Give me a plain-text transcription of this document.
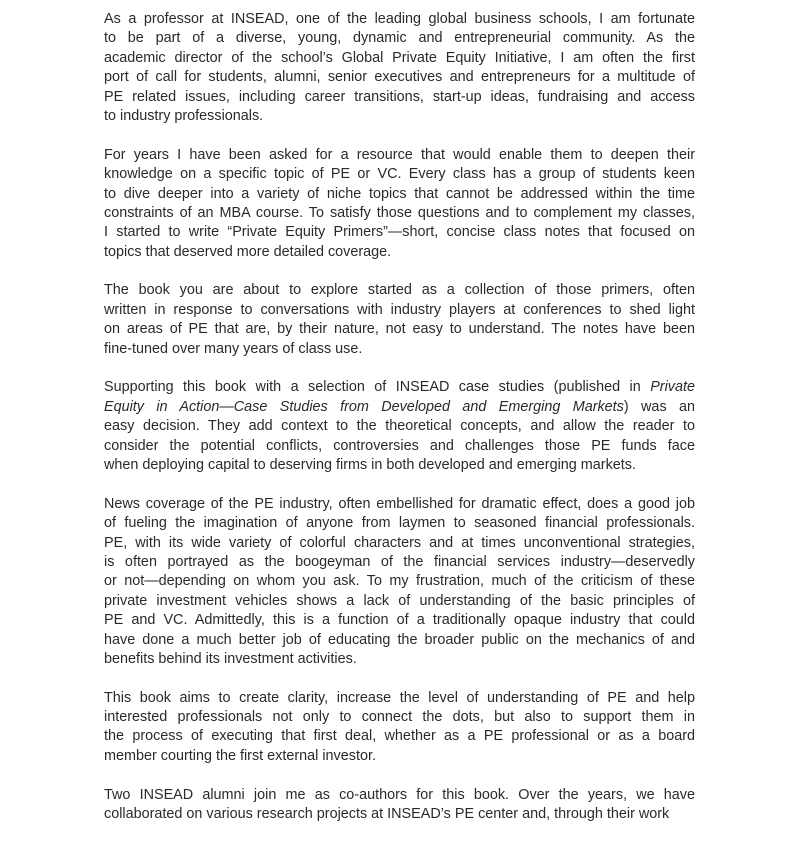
As a professor at INSEAD, one of the leading global business schools, I am fortunate
to be part of a diverse, young, dynamic and entrepreneurial community. As the
academic director of the school’s Global Private Equity Initiative, I am often the first
port of call for students, alumni, senior executives and entrepreneurs for a multitude of
PE related issues, including career transitions, start-up ideas, fundraising and access
to industry professionals.
For years I have been asked for a resource that would enable them to deepen their
knowledge on a specific topic of PE or VC. Every class has a group of students keen
to dive deeper into a variety of niche topics that cannot be addressed within the time
constraints of an MBA course. To satisfy those questions and to complement my classes,
I started to write “Private Equity Primers”—short, concise class notes that focused on
topics that deserved more detailed coverage.
The book you are about to explore started as a collection of those primers, often
written in response to conversations with industry players at conferences to shed light
on areas of PE that are, by their nature, not easy to understand. The notes have been
fine-tuned over many years of class use.
Supporting this book with a selection of INSEAD case studies (published in Private
Equity in Action—Case Studies from Developed and Emerging Markets) was an
easy decision. They add context to the theoretical concepts, and allow the reader to
consider the potential conflicts, controversies and challenges those PE funds face
when deploying capital to deserving firms in both developed and emerging markets.
News coverage of the PE industry, often embellished for dramatic effect, does a good job
of fueling the imagination of anyone from laymen to seasoned financial professionals.
PE, with its wide variety of colorful characters and at times unconventional strategies,
is often portrayed as the boogeyman of the financial services industry—deservedly
or not—depending on whom you ask. To my frustration, much of the criticism of these
private investment vehicles shows a lack of understanding of the basic principles of
PE and VC. Admittedly, this is a function of a traditionally opaque industry that could
have done a much better job of educating the broader public on the mechanics of and
benefits behind its investment activities.
This book aims to create clarity, increase the level of understanding of PE and help
interested professionals not only to connect the dots, but also to support them in
the process of executing that first deal, whether as a PE professional or as a board
member courting the first external investor.
Two INSEAD alumni join me as co-authors for this book. Over the years, we have
collaborated on various research projects at INSEAD’s PE center and, through their work
